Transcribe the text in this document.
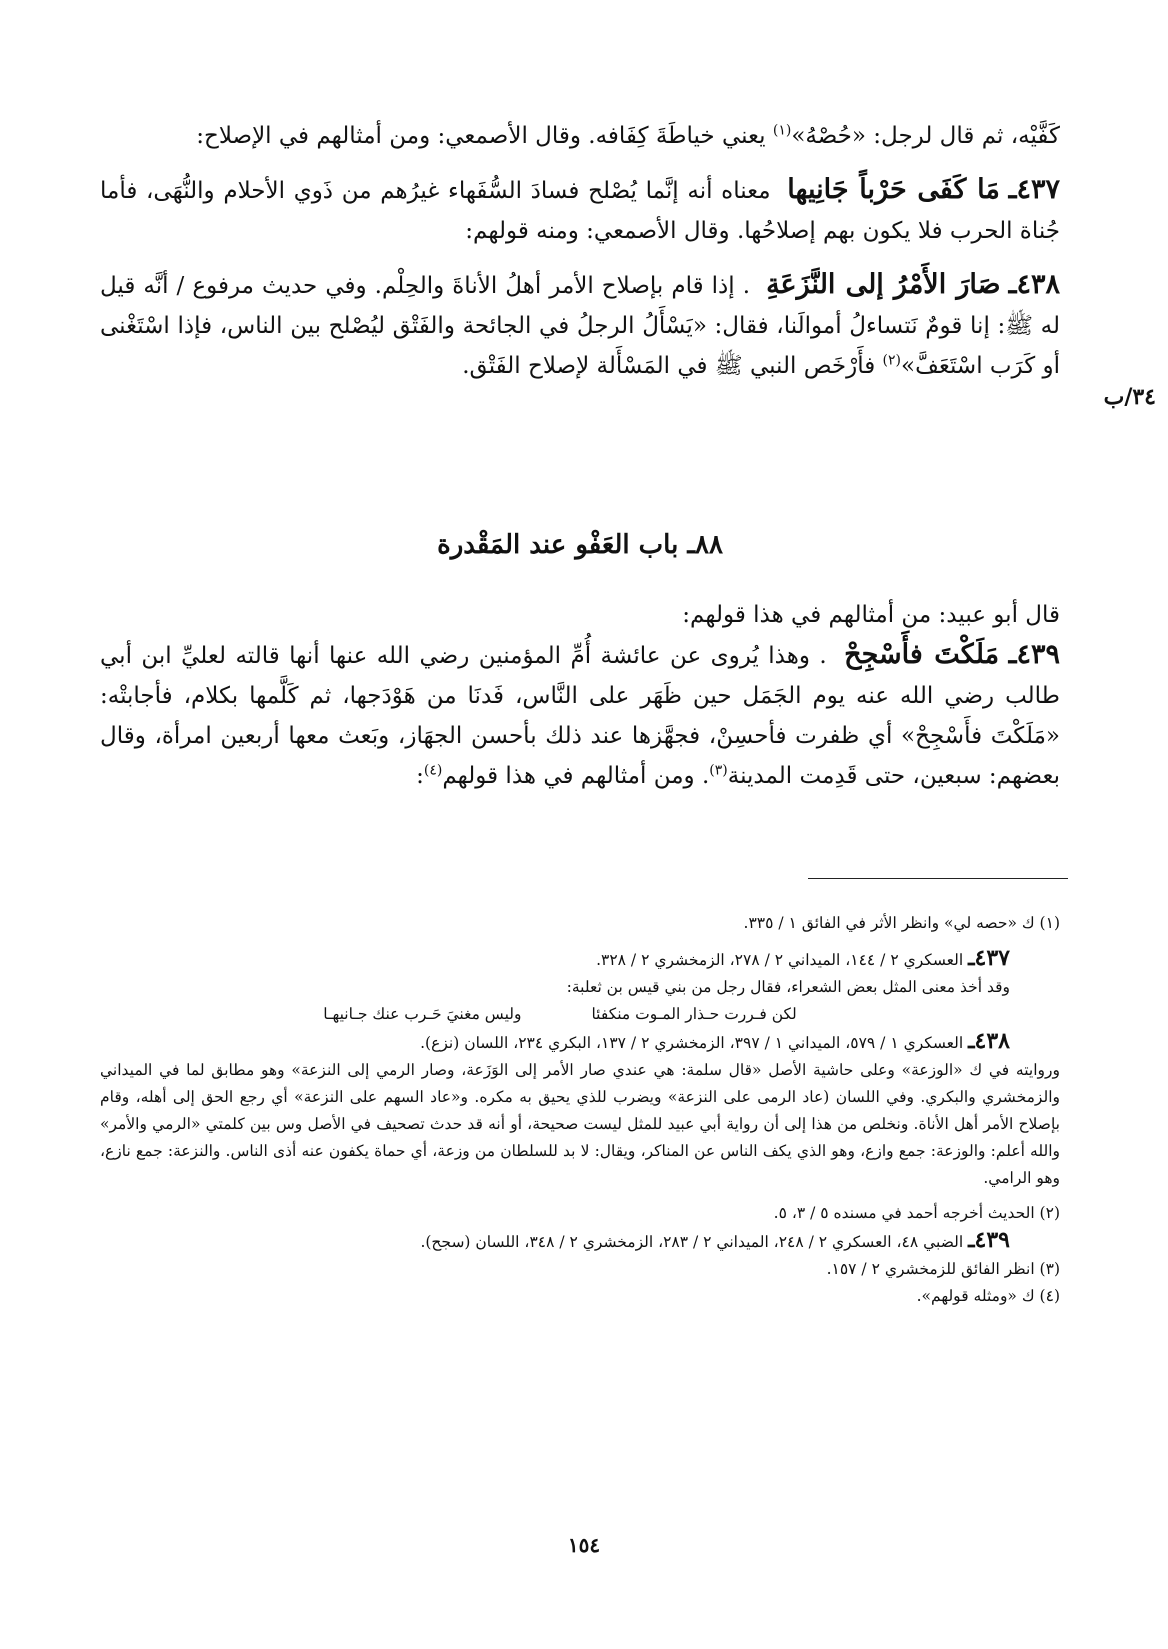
كَفَّيْه، ثم قال لرجل: «حُصْهُ»$^{(١)}$ يعني خياطَةَ كِفَافه. وقال الأصمعي: ومن أمثالهم في الإصلاح:

٤٣٧ـ مَا كَفَى حَرْباً جَانِيها معناه أنه إنَّما يُصْلح فسادَ السُّفَهاء غيرُهم من ذَوي الأحلام والنُّهَى، فأما جُناة الحرب فلا يكون بهم إصلاحُها. وقال الأصمعي: ومنه قولهم:

٤٣٨ـ صَارَ الأَمْرُ إلى النَّزَعَةِ . إذا قام بإصلاح الأمر أهلُ الأناةَ والحِلْم. وفي حديث مرفوع / أنَّه قيل له ﷺ: إنا قومٌ نَتساءلُ أموالَنا، فقال: «يَسْأَلُ الرجلُ في الجائحة والفَتْق ليُصْلح بين الناس، فإذا اسْتَغْنى أو كَرَب اسْتَعَفَّ»$^{(٢)}$ فأَرْخَص النبي ﷺ في المَسْأَلة لإصلاح الفَتْق.

٣٤/ب
٨٨ـ باب العَفْو عند المَقْدرة

قال أبو عبيد: من أمثالهم في هذا قولهم:

٤٣٩ـ مَلَكْتَ فأَسْجِحْ . وهذا يُروى عن عائشة أُمِّ المؤمنين رضي الله عنها أنها قالته لعليِّ ابن أبي طالب رضي الله عنه يوم الجَمَل حين ظَهَر على النَّاس، فَدنَا من هَوْدَجها، ثم كَلَّمها بكلام، فأجابتْه: «مَلَكْتَ فأَسْجِحْ» أي ظفرت فأحسِنْ، فجهَّزها عند ذلك بأحسن الجهَاز، وبَعث معها أربعين امرأة، وقال بعضهم: سبعين، حتى قَدِمت المدينة$^{(٣)}$. ومن أمثالهم في هذا قولهم$^{(٤)}$:

(١) ك «حصه لي» وانظر الأثر في الفائق ١ / ٣٣٥.

٤٣٧ـ العسكري ٢ / ١٤٤، الميداني ٢ / ٢٧٨، الزمخشري ٢ / ٣٢٨.

وقد أخذ معنى المثل بعض الشعراء، فقال رجل من بني قيس بن ثعلبة:

لكن فـررت حـذار المـوت منكفئا
وليس مغنيَ حَـرب عنك جـانيهـا

٤٣٨ـ العسكري ١ / ٥٧٩، الميداني ١ / ٣٩٧، الزمخشري ٢ / ١٣٧، البكري ٢٣٤، اللسان (نزع).

وروايته في ك «الوزعة» وعلى حاشية الأصل «قال سلمة: هي عندي صار الأمر إلى الوَزَعة، وصار الرمي إلى النزعة» وهو مطابق لما في الميداني والزمخشري والبكري. وفي اللسان (عاد الرمى على النزعة» ويضرب للذي يحيق به مكره. و«عاد السهم على النزعة» أي رجع الحق إلى أهله، وقام بإصلاح الأمر أهل الأناة. ونخلص من هذا إلى أن رواية أبي عبيد للمثل ليست صحيحة، أو أنه قد حدث تصحيف في الأصل وس بين كلمتي «الرمي والأمر» والله أعلم: والوزعة: جمع وازع، وهو الذي يكف الناس عن المناكر، ويقال: لا بد للسلطان من وزعة، أي حماة يكفون عنه أذى الناس. والنزعة: جمع نازع، وهو الرامي.

(٢) الحديث أخرجه أحمد في مسنده ٥ / ٣، ٥.

٤٣٩ـ الضبي ٤٨، العسكري ٢ / ٢٤٨، الميداني ٢ / ٢٨٣، الزمخشري ٢ / ٣٤٨، اللسان (سجح).

(٣) انظر الفائق للزمخشري ٢ / ١٥٧.

(٤) ك «ومثله قولهم».

١٥٤
